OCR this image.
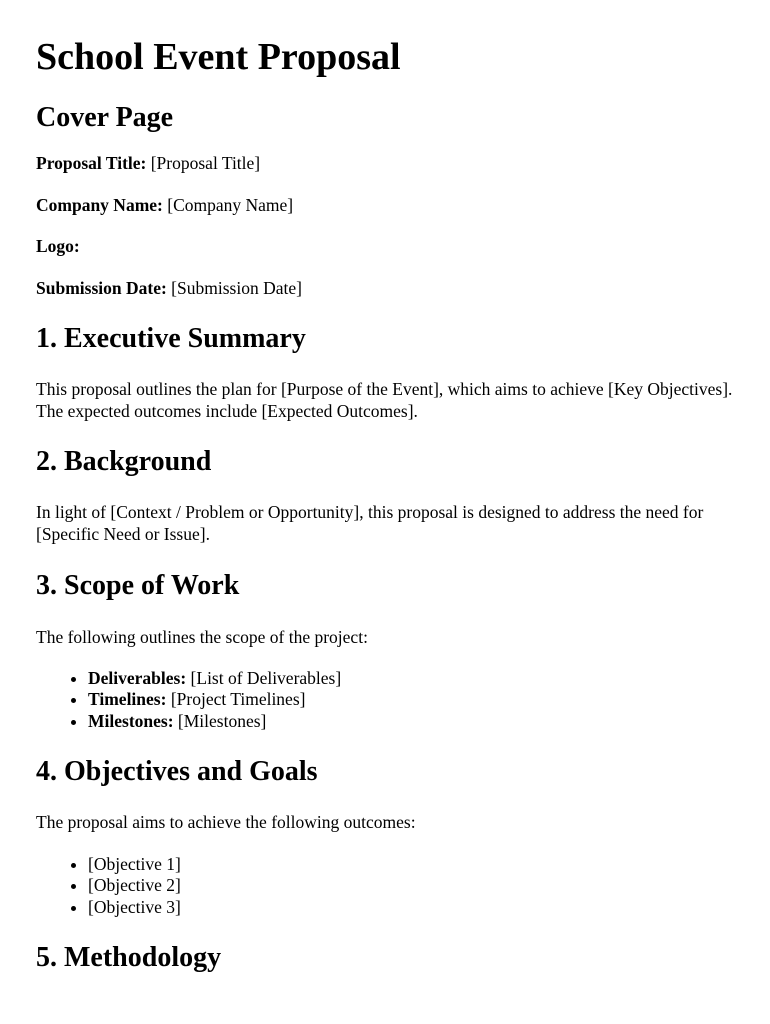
School Event Proposal
Cover Page

Proposal Title: [Proposal Title]

Company Name: [Company Name]

Logo:

Submission Date: [Submission Date]

1. Executive Summary

This proposal outlines the plan for [Purpose of the Event], which aims to achieve [Key Objectives]. The expected outcomes include [Expected Outcomes].

2. Background

In light of [Context / Problem or Opportunity], this proposal is designed to address the need for [Specific Need or Issue].

3. Scope of Work

The following outlines the scope of the project:

• Deliverables: [List of Deliverables]
• Timelines: [Project Timelines]
• Milestones: [Milestones]
4. Objectives and Goals

The proposal aims to achieve the following outcomes:

• [Objective 1]
• [Objective 2]
• [Objective 3]
5. Methodology
